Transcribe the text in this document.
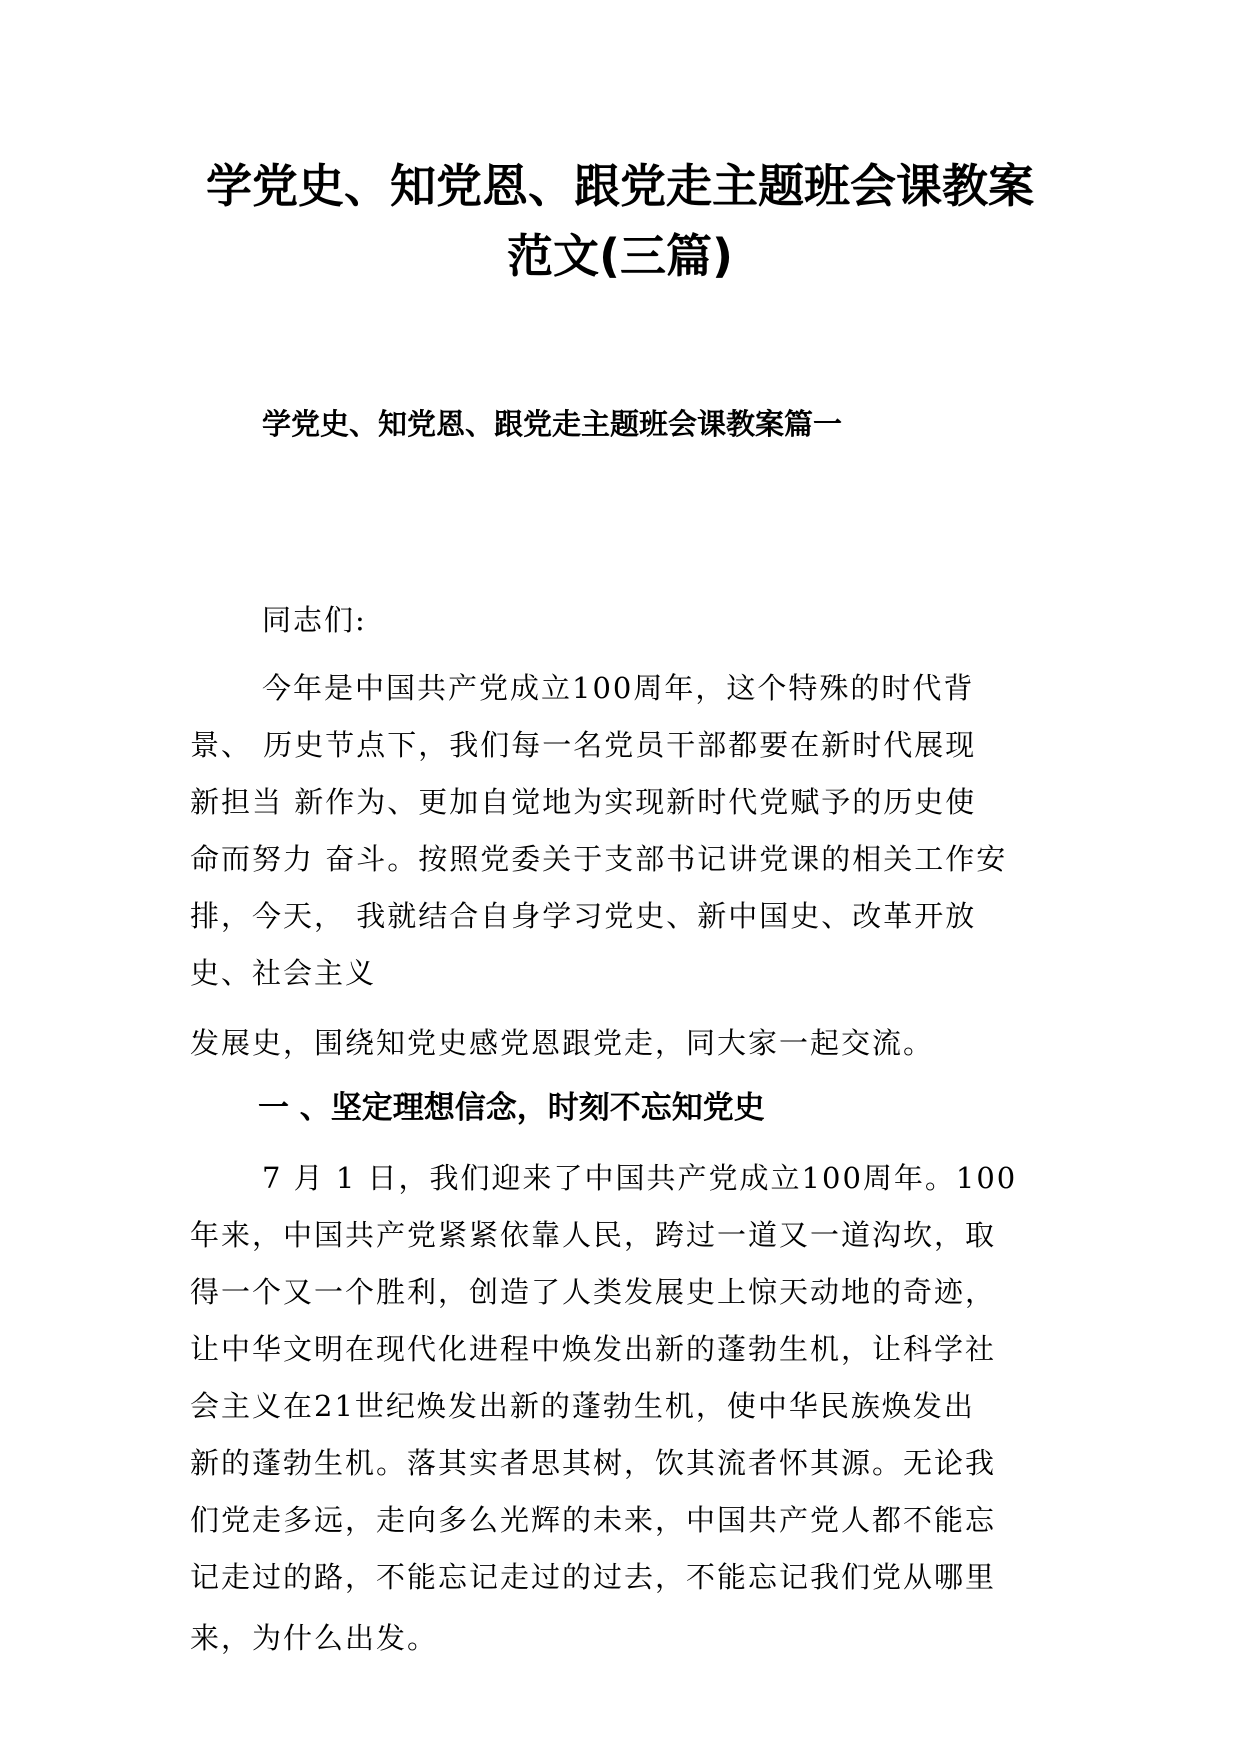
学党史、知党恩、跟党走主题班会课教案
范文(三篇)
学党史、知党恩、跟党走主题班会课教案篇一

同志们:

今年是中国共产党成立100周年，这个特殊的时代背

景、 历史节点下，我们每一名党员干部都要在新时代展现

新担当 新作为、更加自觉地为实现新时代党赋予的历史使

命而努力 奋斗。按照党委关于支部书记讲党课的相关工作安

排，今天， 我就结合自身学习党史、新中国史、改革开放

史、社会主义

发展史，围绕知党史感党恩跟党走，同大家一起交流。

一 、坚定理想信念，时刻不忘知党史

7 月 1 日，我们迎来了中国共产党成立100周年。100

年来，中国共产党紧紧依靠人民，跨过一道又一道沟坎，取

得一个又一个胜利，创造了人类发展史上惊天动地的奇迹，

让中华文明在现代化进程中焕发出新的蓬勃生机，让科学社

会主义在21世纪焕发出新的蓬勃生机，使中华民族焕发出

新的蓬勃生机。落其实者思其树，饮其流者怀其源。无论我

们党走多远，走向多么光辉的未来，中国共产党人都不能忘

记走过的路，不能忘记走过的过去，不能忘记我们党从哪里

来，为什么出发。
